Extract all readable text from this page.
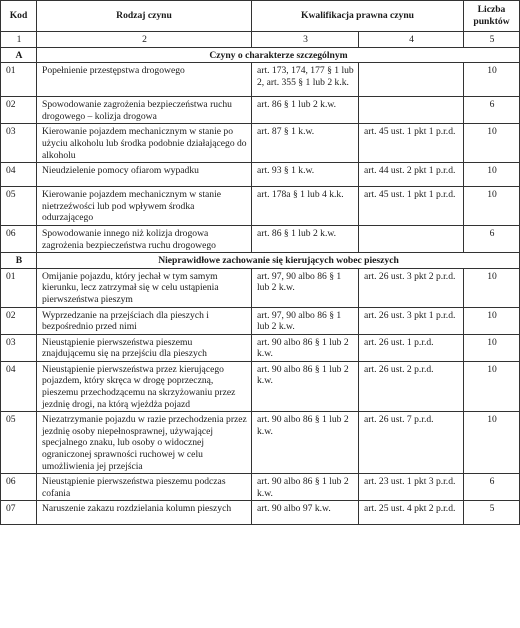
Kod	Rodzaj czynu	Kwalifikacja prawna czynu		Liczba punktów
1	2	3	4	5
A	Czyny o charakterze szczególnym			
01	Popełnienie przestępstwa drogowego	art. 173, 174, 177 § 1 lub 2, art. 355 § 1 lub 2 k.k.		10
02	Spowodowanie zagrożenia bezpieczeństwa ruchu drogowego – kolizja drogowa	art. 86 § 1 lub 2 k.w.		6
03	Kierowanie pojazdem mechanicznym w stanie po użyciu alkoholu lub środka podobnie działającego do alkoholu	art. 87 § 1 k.w.	art. 45 ust. 1 pkt 1 p.r.d.	10
04	Nieudzielenie pomocy ofiarom wypadku	art. 93 § 1 k.w.	art. 44 ust. 2 pkt 1 p.r.d.	10
05	Kierowanie pojazdem mechanicznym w stanie nietrzeźwości lub pod wpływem środka odurzającego	art. 178a § 1 lub 4 k.k.	art. 45 ust. 1 pkt 1 p.r.d.	10
06	Spowodowanie innego niż kolizja drogowa zagrożenia bezpieczeństwa ruchu drogowego	art. 86 § 1 lub 2 k.w.		6
B	Nieprawidłowe zachowanie się kierujących wobec pieszych			
01	Omijanie pojazdu, który jechał w tym samym kierunku, lecz zatrzymał się w celu ustąpienia pierwszeństwa pieszym	art. 97, 90 albo 86 § 1 lub 2 k.w.	art. 26 ust. 3 pkt 2 p.r.d.	10
02	Wyprzedzanie na przejściach dla pieszych i bezpośrednio przed nimi	art. 97, 90 albo 86 § 1 lub 2 k.w.	art. 26 ust. 3 pkt 1 p.r.d.	10
03	Nieustąpienie pierwszeństwa pieszemu znajdującemu się na przejściu dla pieszych	art. 90 albo 86 § 1 lub 2 k.w.	art. 26 ust. 1 p.r.d.	10
04	Nieustąpienie pierwszeństwa przez kierującego pojazdem, który skręca w drogę poprzeczną, pieszemu przechodzącemu na skrzyżowaniu przez jezdnię drogi, na którą wjeżdża pojazd	art. 90 albo 86 § 1 lub 2 k.w.	art. 26 ust. 2 p.r.d.	10
05	Niezatrzymanie pojazdu w razie przechodzenia przez jezdnię osoby niepełnosprawnej, używającej specjalnego znaku, lub osoby o widocznej ograniczonej sprawności ruchowej w celu umożliwienia jej przejścia	art. 90 albo 86 § 1 lub 2 k.w.	art. 26 ust. 7 p.r.d.	10
06	Nieustąpienie pierwszeństwa pieszemu podczas cofania	art. 90 albo 86 § 1 lub 2 k.w.	art. 23 ust. 1 pkt 3 p.r.d.	6
07	Naruszenie zakazu rozdzielania kolumn pieszych	art. 90 albo 97 k.w.	art. 25 ust. 4 pkt 2 p.r.d.	5
